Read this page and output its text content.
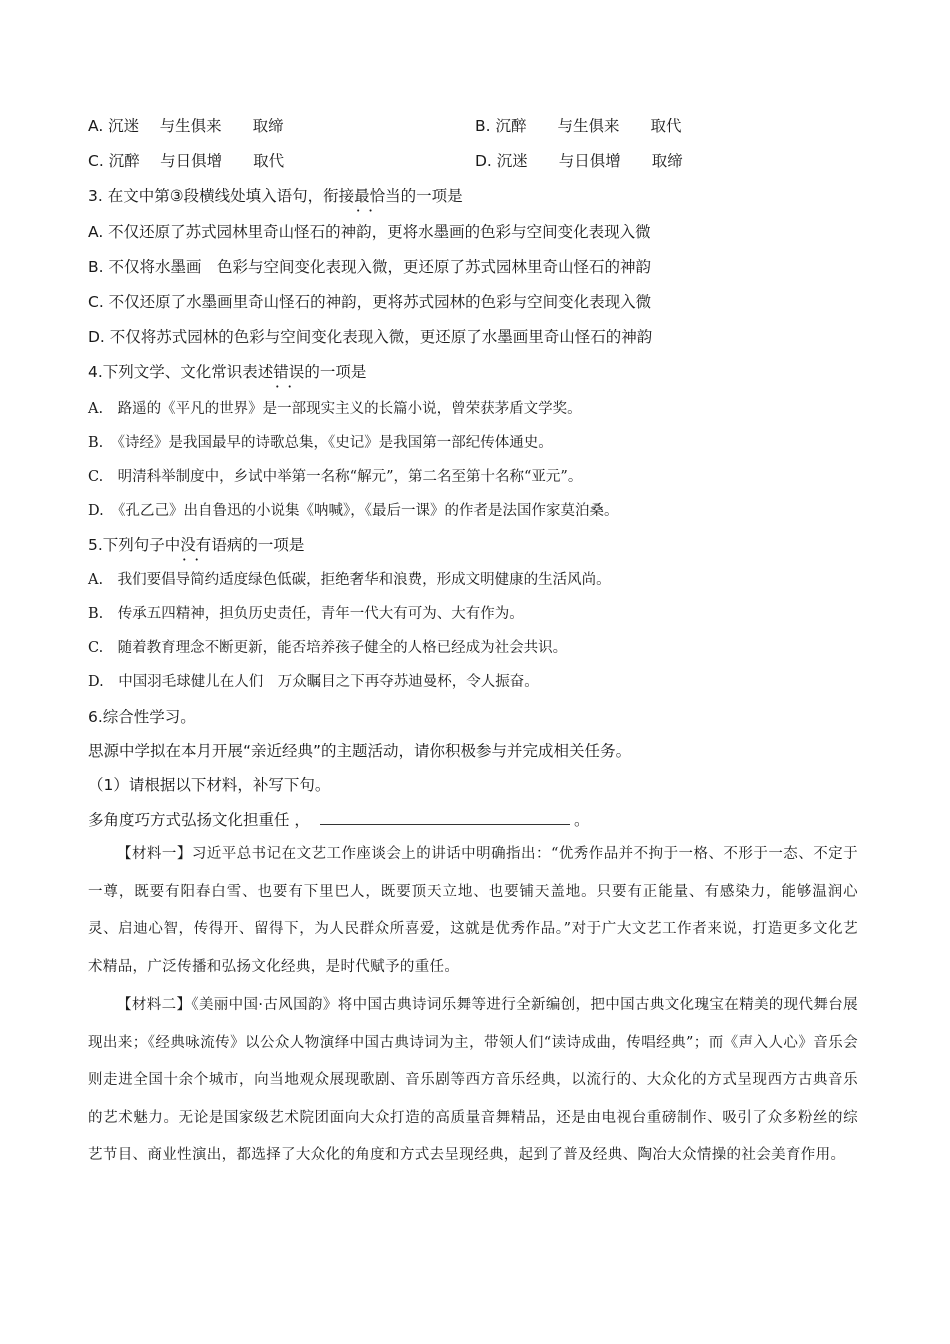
A. 沉迷　 与生俱来　　取缔	B. 沉醉　　与生俱来　　取代
C. 沉醉　 与日俱增　　取代	D. 沉迷　　与日俱增　　取缔
3. 在文中第③段横线处填入语句，衔接最恰当 • •的一项是
A. 不仅还原了苏式园林里奇山怪石的神韵，更将水墨画的色彩与空间变化表现入微
B. 不仅将水墨画　色彩与空间变化表现入微，更还原了苏式园林里奇山怪石的神韵
C. 不仅还原了水墨画里奇山怪石的神韵，更将苏式园林的色彩与空间变化表现入微
D. 不仅将苏式园林的色彩与空间变化表现入微，更还原了水墨画里奇山怪石的神韵
4.下列文学、文化常识表述错误 • •的一项是
A.　路遥的《平凡的世界》是一部现实主义的长篇小说，曾荣获茅盾文学奖。
B.　《诗经》是我国最早的诗歌总集，《史记》是我国第一部纪传体通史。
C.　明清科举制度中，乡试中举第一名称“解元”，第二名至第十名称“亚元”。
D.　《孔乙己》出自鲁迅的小说集《呐喊》，《最后一课》的作者是法国作家莫泊桑。
5.下列句子中没有 • •语病的一项是
A.　我们要倡导简约适度绿色低碳，拒绝奢华和浪费，形成文明健康的生活风尚。
B.　传承五四精神，担负历史责任，青年一代大有可为、大有作为。
C.　随着教育理念不断更新，能否培养孩子健全的人格已经成为社会共识。
D.　中国羽毛球健儿在人们　万众瞩目之下再夺苏迪曼杯，令人振奋。
6.综合性学习。
思源中学拟在本月开展“亲近经典”的主题活动，请你积极参与并完成相关任务。
（1）请根据以下材料，补写下句。
多角度巧方式弘扬文化担重任 ，	。
【材料一】习近平总书记在文艺工作座谈会上的讲话中明确指出：“优秀作品并不拘于一格、不形于一态、不定于一尊，既要有阳春白雪、也要有下里巴人，既要顶天立地、也要铺天盖地。只要有正能量、有感染力，能够温润心灵、启迪心智，传得开、留得下，为人民群众所喜爱，这就是优秀作品。”对于广大文艺工作者来说，打造更多文化艺术精品，广泛传播和弘扬文化经典，是时代赋予的重任。
【材料二】《美丽中国·古风国韵》将中国古典诗词乐舞等进行全新编创，把中国古典文化瑰宝在精美的现代舞台展现出来；《经典咏流传》以公众人物演绎中国古典诗词为主，带领人们“读诗成曲，传唱经典”；而《声入人心》音乐会则走进全国十余个城市，向当地观众展现歌剧、音乐剧等西方音乐经典，以流行的、大众化的方式呈现西方古典音乐的艺术魅力。无论是国家级艺术院团面向大众打造的高质量音舞精品，还是由电视台重磅制作、吸引了众多粉丝的综艺节目、商业性演出，都选择了大众化的角度和方式去呈现经典，起到了普及经典、陶冶大众情操的社会美育作用。
